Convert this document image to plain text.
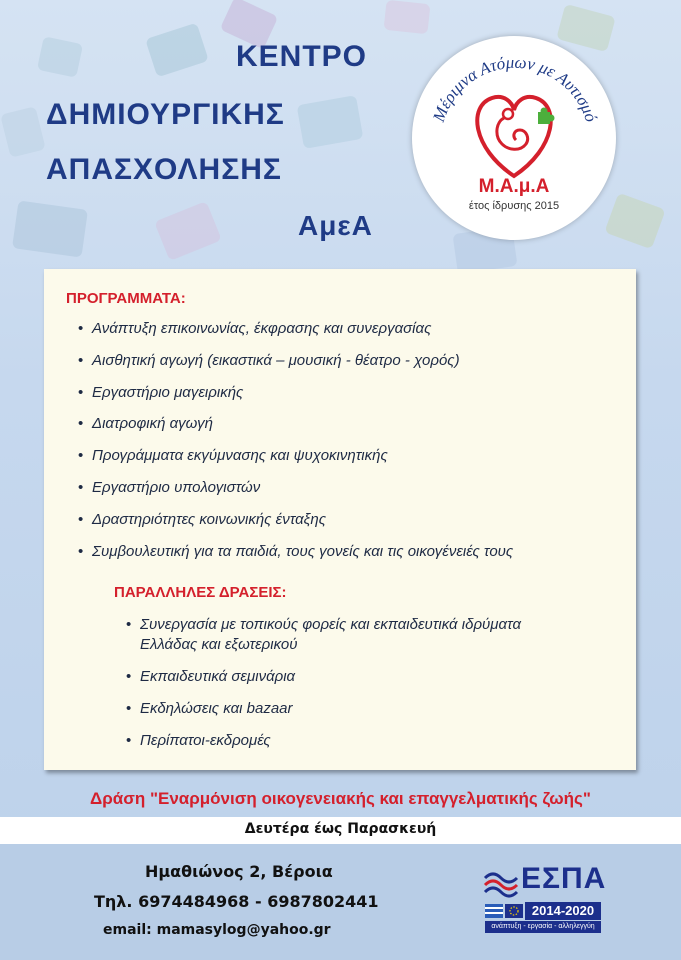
ΚΕΝΤΡΟ
ΔΗΜΙΟΥΡΓΙΚΗΣ
ΑΠΑΣΧΟΛΗΣΗΣ
ΑμεΑ
Μέριμνα Ατόμων με Αυτισμό
Μ.Α.μ.Α
έτος ίδρυσης 2015
ΠΡΟΓΡΑΜΜΑΤΑ:
• Ανάπτυξη επικοινωνίας, έκφρασης και συνεργασίας
• Αισθητική αγωγή (εικαστικά – μουσική - θέατρο - χορός)
• Εργαστήριο μαγειρικής
• Διατροφική αγωγή
• Προγράμματα εκγύμνασης και ψυχοκινητικής
• Εργαστήριο υπολογιστών
• Δραστηριότητες κοινωνικής ένταξης
• Συμβουλευτική για τα παιδιά, τους γονείς και τις οικογένειές τους
ΠΑΡΑΛΛΗΛΕΣ ΔΡΑΣΕΙΣ:
• Συνεργασία με τοπικούς φορείς και εκπαιδευτικά ιδρύματα
Ελλάδας και εξωτερικού
• Εκπαιδευτικά σεμινάρια
• Εκδηλώσεις και bazaar
• Περίπατοι-εκδρομές
Δράση "Εναρμόνιση οικογενειακής και επαγγελματικής ζωής"
Δευτέρα έως Παρασκευή
Ημαθιώνος 2, Βέροια
Τηλ. 6974484968 - 6987802441
email: mamasylog@yahoo.gr
ΕΣΠΑ
2014-2020
ανάπτυξη - εργασία - αλληλεγγύη
